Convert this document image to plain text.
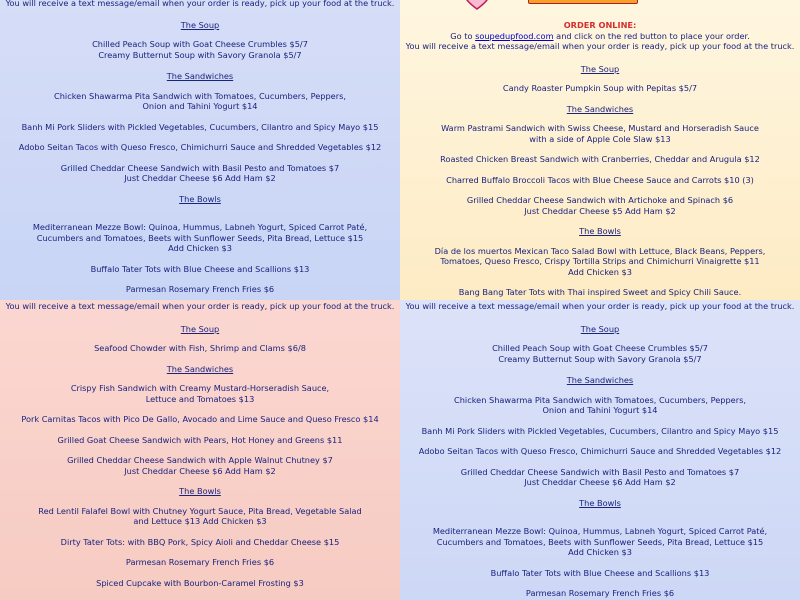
You will receive a text message/email when your order is ready, pick up your food at the truck.
The Soup
Chilled Peach Soup with Goat Cheese Crumbles $5/7
Creamy Butternut Soup with Savory Granola $5/7
The Sandwiches
Chicken Shawarma Pita Sandwich with Tomatoes, Cucumbers, Peppers,
Onion and Tahini Yogurt $14
Banh Mi Pork Sliders with Pickled Vegetables, Cucumbers, Cilantro and Spicy Mayo $15
Adobo Seitan Tacos with Queso Fresco, Chimichurri Sauce and Shredded Vegetables $12
Grilled Cheddar Cheese Sandwich with Basil Pesto and Tomatoes $7
Just Cheddar Cheese $6 Add Ham $2
The Bowls
Mediterranean Mezze Bowl: Quinoa, Hummus, Labneh Yogurt, Spiced Carrot Paté,
Cucumbers and Tomatoes, Beets with Sunflower Seeds, Pita Bread, Lettuce $15
Add Chicken $3
Buffalo Tater Tots with Blue Cheese and Scallions $13
Parmesan Rosemary French Fries $6
ORDER ONLINE:
Go to soupedupfood.com and click on the red button to place your order.
You will receive a text message/email when your order is ready, pick up your food at the truck.
The Soup
Candy Roaster Pumpkin Soup with Pepitas $5/7
The Sandwiches
Warm Pastrami Sandwich with Swiss Cheese, Mustard and Horseradish Sauce
with a side of Apple Cole Slaw $13
Roasted Chicken Breast Sandwich with Cranberries, Cheddar and Arugula $12
Charred Buffalo Broccoli Tacos with Blue Cheese Sauce and Carrots $10 (3)
Grilled Cheddar Cheese Sandwich with Artichoke and Spinach $6
Just Cheddar Cheese $5 Add Ham $2
The Bowls
Día de los muertos Mexican Taco Salad Bowl with Lettuce, Black Beans, Peppers,
Tomatoes, Queso Fresco, Crispy Tortilla Strips and Chimichurri Vinaigrette $11
Add Chicken $3
Bang Bang Tater Tots with Thai inspired Sweet and Spicy Chili Sauce.
You will receive a text message/email when your order is ready, pick up your food at the truck.
The Soup
Seafood Chowder with Fish, Shrimp and Clams $6/8
The Sandwiches
Crispy Fish Sandwich with Creamy Mustard-Horseradish Sauce,
Lettuce and Tomatoes $13
Pork Carnitas Tacos with Pico De Gallo, Avocado and Lime Sauce and Queso Fresco $14
Grilled Goat Cheese Sandwich with Pears, Hot Honey and Greens $11
Grilled Cheddar Cheese Sandwich with Apple Walnut Chutney $7
Just Cheddar Cheese $6 Add Ham $2
The Bowls
Red Lentil Falafel Bowl with Chutney Yogurt Sauce, Pita Bread, Vegetable Salad
and Lettuce $13 Add Chicken $3
Dirty Tater Tots: with BBQ Pork, Spicy Aioli and Cheddar Cheese $15
Parmesan Rosemary French Fries $6
Spiced Cupcake with Bourbon-Caramel Frosting $3
You will receive a text message/email when your order is ready, pick up your food at the truck.
The Soup
Chilled Peach Soup with Goat Cheese Crumbles $5/7
Creamy Butternut Soup with Savory Granola $5/7
The Sandwiches
Chicken Shawarma Pita Sandwich with Tomatoes, Cucumbers, Peppers,
Onion and Tahini Yogurt $14
Banh Mi Pork Sliders with Pickled Vegetables, Cucumbers, Cilantro and Spicy Mayo $15
Adobo Seitan Tacos with Queso Fresco, Chimichurri Sauce and Shredded Vegetables $12
Grilled Cheddar Cheese Sandwich with Basil Pesto and Tomatoes $7
Just Cheddar Cheese $6 Add Ham $2
The Bowls
Mediterranean Mezze Bowl: Quinoa, Hummus, Labneh Yogurt, Spiced Carrot Paté,
Cucumbers and Tomatoes, Beets with Sunflower Seeds, Pita Bread, Lettuce $15
Add Chicken $3
Buffalo Tater Tots with Blue Cheese and Scallions $13
Parmesan Rosemary French Fries $6
